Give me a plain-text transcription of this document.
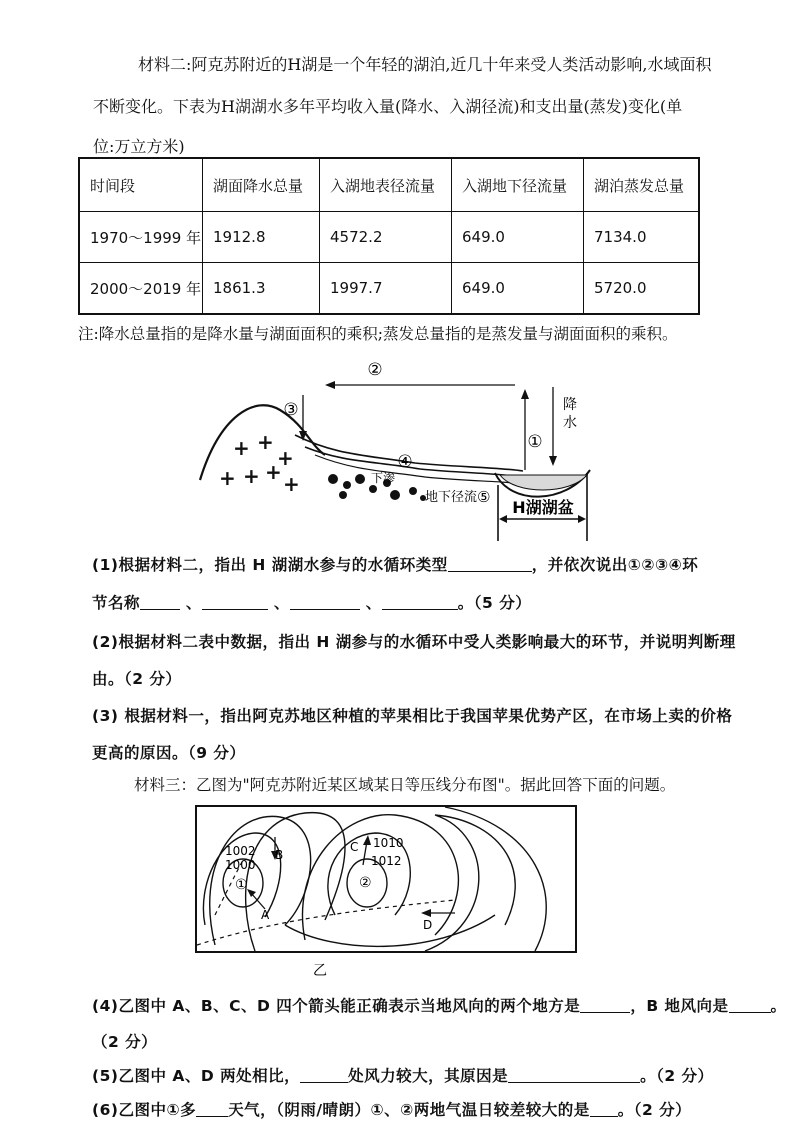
材料二:阿克苏附近的H湖是一个年轻的湖泊,近几十年来受人类活动影响,水域面积
不断变化。下表为H湖湖水多年平均收入量(降水、入湖径流)和支出量(蒸发)变化(单
位:万立方米)
时间段	湖面降水总量	入湖地表径流量	入湖地下径流量	湖泊蒸发总量
1970～1999 年	1912.8	4572.2	649.0	7134.0
2000～2019 年	1861.3	1997.7	649.0	5720.0
注:降水总量指的是降水量与湖面面积的乘积;蒸发总量指的是蒸发量与湖面面积的乘积。
②
③
+ +
+
+ + + +
④
下渗
地下径流 ⑤
H湖湖盆
①
降
水
(1)根据材料二，指出 H 湖湖水参与的水循环类型	，并依次说出①②③④环
节名称	、	、	、	。（5 分）
(2)根据材料二表中数据，指出 H 湖参与的水循环中受人类影响最大的环节，并说明判断理
由。（2 分）
(3) 根据材料一，指出阿克苏地区种植的苹果相比于我国苹果优势产区，在市场上卖的价格
更高的原因。（9 分）
材料三：乙图为"阿克苏附近某区域某日等压线分布图"。据此回答下面的问题。
1002
1000
①
1010
1012
②
A
B
C
D
乙
(4)乙图中 A、B、C、D 四个箭头能正确表示当地风向的两个地方是	，B 地风向是	。
（2 分）
(5)乙图中 A、D 两处相比，	处风力较大，其原因是	。（2 分）
(6)乙图中①多 天气，（阴雨/晴朗）①、②两地气温日较差较大的是 。（2 分）
